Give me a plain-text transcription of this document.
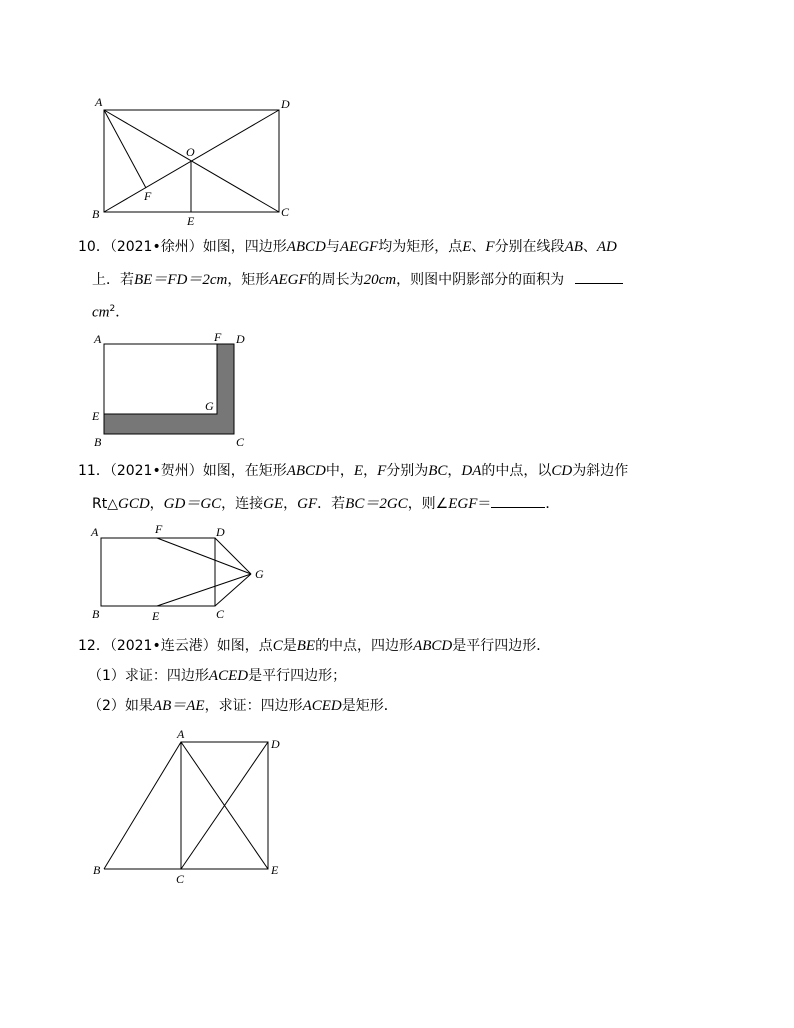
A	D
O
F
B	E
C
10．（2021•徐州）如图，四边形ABCD与AEGF均为矩形，点E、F分别在线段AB、AD
上．若BE＝FD＝2cm，矩形AEGF的周长为20cm，则图中阴影部分的面积为
$cm^2$．
A	F D
G
E
B	C
11．（2021•贺州）如图，在矩形ABCD中，E，F分别为BC，DA的中点，以CD为斜边作
Rt△GCD，GD＝GC，连接GE，GF．若BC＝2GC，则∠EGF＝	．
A	F	D
G
B	E	C
12．（2021•连云港）如图，点C是BE的中点，四边形ABCD是平行四边形．
（1）求证：四边形ACED是平行四边形；
（2）如果AB＝AE，求证：四边形ACED是矩形．
A
D
B
C
E
